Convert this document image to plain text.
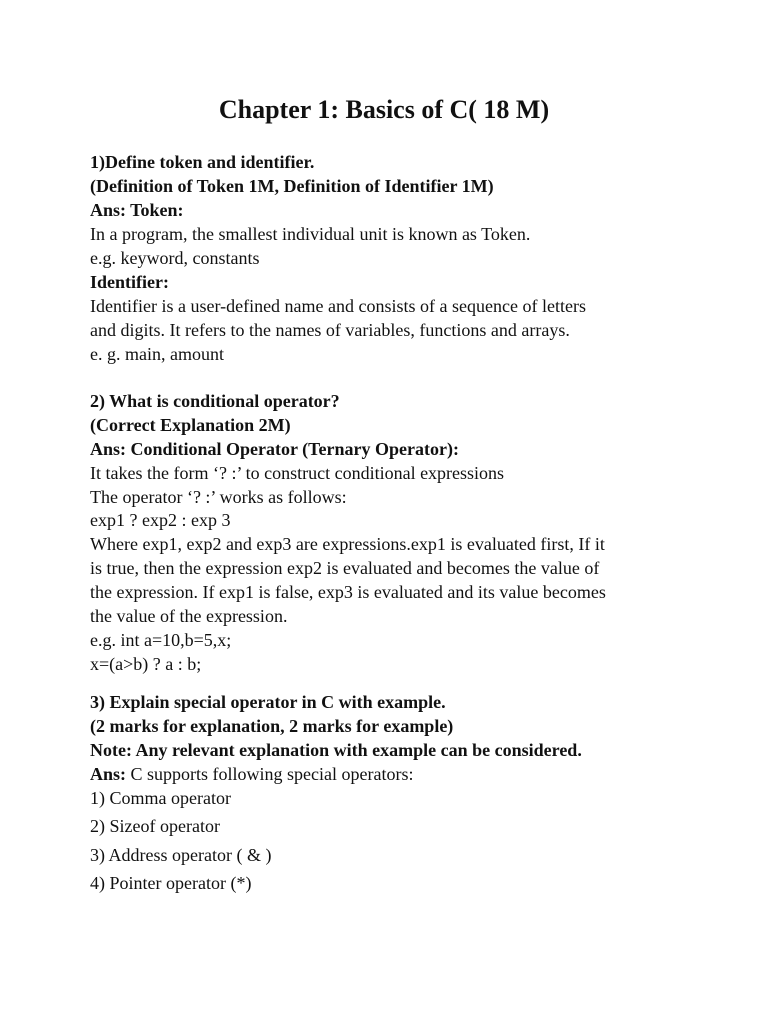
Chapter 1: Basics of C( 18 M)

1)Define token and identifier.

(Definition of Token 1M, Definition of Identifier 1M)

Ans: Token:

In a program, the smallest individual unit is known as Token.

e.g. keyword, constants

Identifier:

Identifier is a user-defined name and consists of a sequence of letters

and digits. It refers to the names of variables, functions and arrays.

e. g. main, amount

2) What is conditional operator?

(Correct Explanation 2M)

Ans: Conditional Operator (Ternary Operator):

It takes the form ‘? :’ to construct conditional expressions

The operator ‘? :’ works as follows:

exp1 ? exp2 : exp 3

Where exp1, exp2 and exp3 are expressions.exp1 is evaluated first, If it

is true, then the expression exp2 is evaluated and becomes the value of

the expression. If exp1 is false, exp3 is evaluated and its value becomes

the value of the expression.

e.g. int a=10,b=5,x;

x=(a>b) ? a : b;

3) Explain special operator in C with example.

(2 marks for explanation, 2 marks for example)

Note: Any relevant explanation with example can be considered.

Ans: C supports following special operators:

1) Comma operator

2) Sizeof operator

3) Address operator ( & )

4) Pointer operator (*)
